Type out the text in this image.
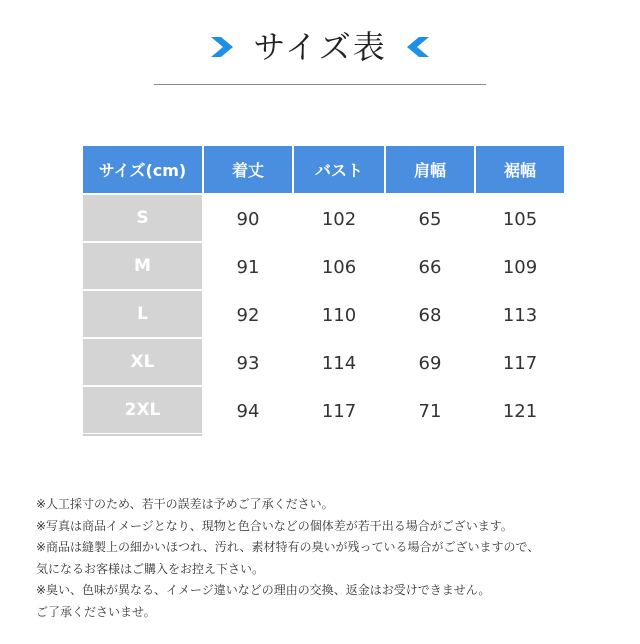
サイズ表
サイズ(cm)	着丈	バスト	肩幅	裾幅
S	90	102	65	105
M	91	106	66	109
L	92	110	68	113
XL	93	114	69	117
2XL	94	117	71	121
※人工採寸のため、若干の誤差は予めご了承ください。
※写真は商品イメージとなり、現物と色合いなどの個体差が若干出る場合がございます。
※商品は縫製上の細かいほつれ、汚れ、素材特有の臭いが残っている場合がございますので、
気になるお客様はご購入をお控え下さい。
※臭い、色味が異なる、イメージ違いなどの理由の交換、返金はお受けできません。
ご了承くださいませ。
